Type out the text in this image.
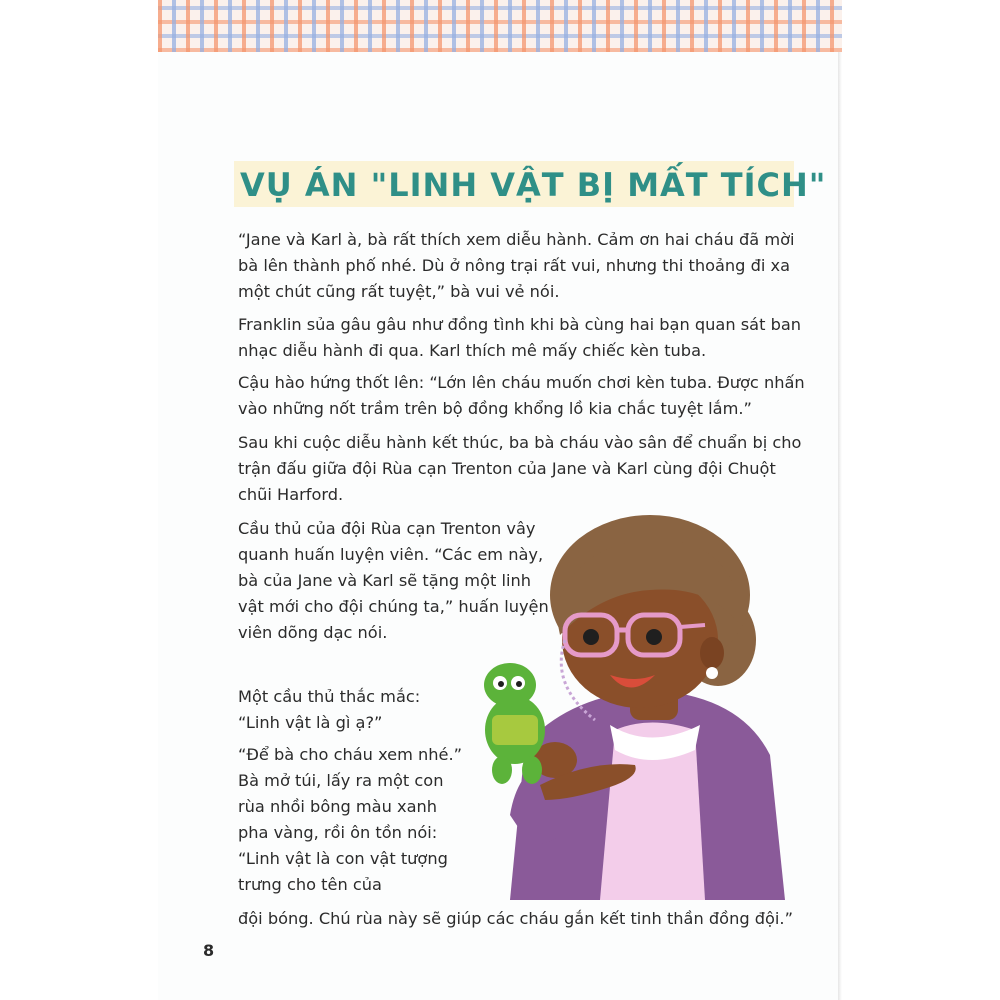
VỤ ÁN "LINH VẬT BỊ MẤT TÍCH"

“Jane và Karl à, bà rất thích xem diễu hành. Cảm ơn hai cháu đã mời bà lên thành phố nhé. Dù ở nông trại rất vui, nhưng thi thoảng đi xa một chút cũng rất tuyệt,” bà vui vẻ nói.

Franklin sủa gâu gâu như đồng tình khi bà cùng hai bạn quan sát ban nhạc diễu hành đi qua. Karl thích mê mấy chiếc kèn tuba.

Cậu hào hứng thốt lên: “Lớn lên cháu muốn chơi kèn tuba. Được nhấn vào những nốt trầm trên bộ đồng khổng lồ kia chắc tuyệt lắm.”

Sau khi cuộc diễu hành kết thúc, ba bà cháu vào sân để chuẩn bị cho trận đấu giữa đội Rùa cạn Trenton của Jane và Karl cùng đội Chuột chũi Harford.

Cầu thủ của đội Rùa cạn Trenton vây quanh huấn luyện viên. “Các em này, bà của Jane và Karl sẽ tặng một linh vật mới cho đội chúng ta,” huấn luyện viên dõng dạc nói.

Một cầu thủ thắc mắc: “Linh vật là gì ạ?”

“Để bà cho cháu xem nhé.” Bà mở túi, lấy ra một con rùa nhồi bông màu xanh pha vàng, rồi ôn tồn nói: “Linh vật là con vật tượng trưng cho tên của

đội bóng. Chú rùa này sẽ giúp các cháu gắn kết tinh thần đồng đội.”

8
